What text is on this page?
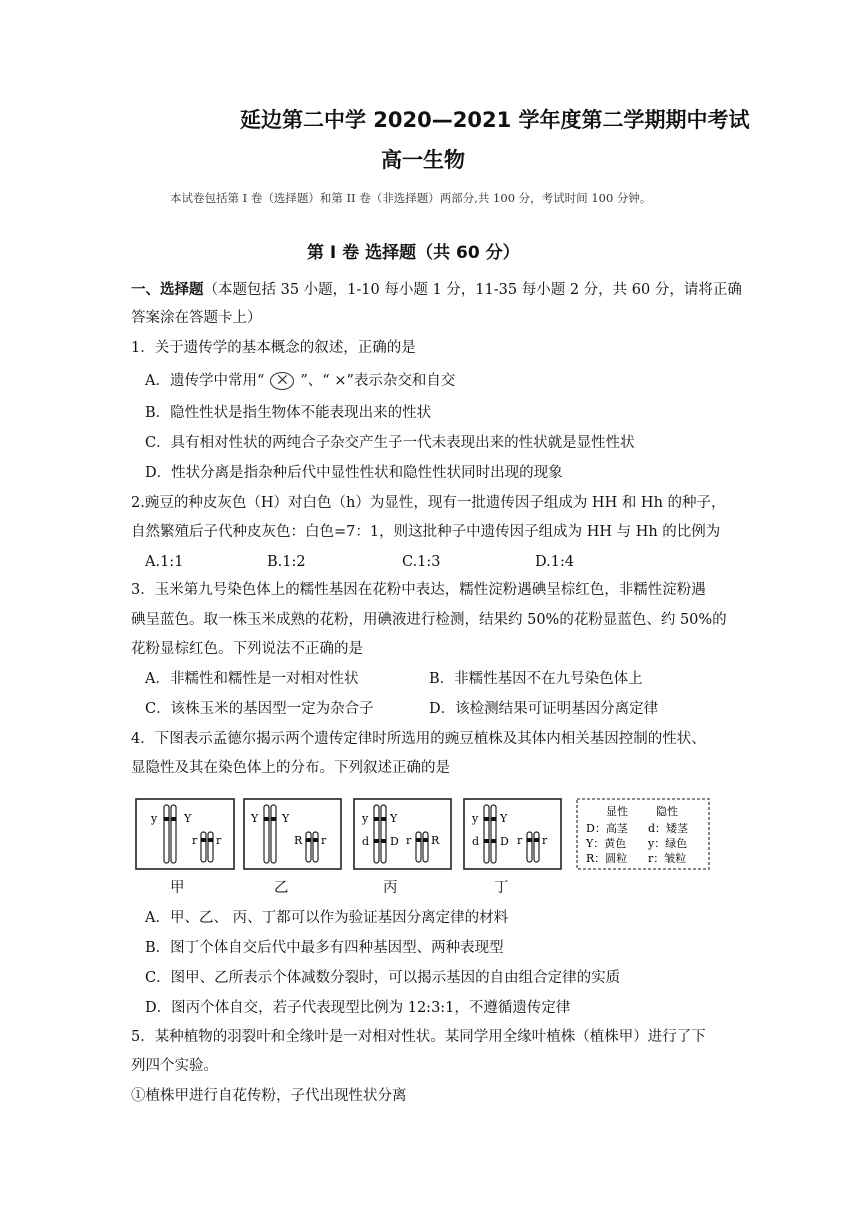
延边第二中学 2020—2021 学年度第二学期期中考试
高一生物
本试卷包括第 I 卷（选择题）和第 II 卷（非选择题）两部分,共 100 分，考试时间 100 分钟。
第 I 卷 选择题（共 60 分）
一、选择题（本题包括 35 小题，1-10 每小题 1 分，11-35 每小题 2 分，共 60 分，请将正确
答案涂在答题卡上）
1．关于遗传学的基本概念的叙述，正确的是
A．遗传学中常用“ ⨉ ”、“ ×”表示杂交和自交
B．隐性性状是指生物体不能表现出来的性状
C．具有相对性状的两纯合子杂交产生子一代未表现出来的性状就是显性性状
D．性状分离是指杂种后代中显性性状和隐性性状同时出现的现象
2.豌豆的种皮灰色（H）对白色（h）为显性，现有一批遗传因子组成为 HH 和 Hh 的种子，
自然繁殖后子代种皮灰色：白色=7：1，则这批种子中遗传因子组成为 HH 与 Hh 的比例为
A.1:1	B.1:2	C.1:3	D.1:4
3．玉米第九号染色体上的糯性基因在花粉中表达，糯性淀粉遇碘呈棕红色，非糯性淀粉遇
碘呈蓝色。取一株玉米成熟的花粉，用碘液进行检测，结果约 50%的花粉显蓝色、约 50%的
花粉显棕红色。下列说法不正确的是
A．非糯性和糯性是一对相对性状	B．非糯性基因不在九号染色体上
C．该株玉米的基因型一定为杂合子	D．该检测结果可证明基因分离定律
4．下图表示孟德尔揭示两个遗传定律时所选用的豌豆植株及其体内相关基因控制的性状、
显隐性及其在染色体上的分布。下列叙述正确的是
y Y
r r
Y Y
R r
y Y
d D r R
y Y
d D r r
显性	隐性
D：高茎 d：矮茎
Y：黄色 y：绿色
R：圆粒 r：皱粒
甲	乙	丙	丁
A．甲、乙、 丙、丁都可以作为验证基因分离定律的材料
B．图丁个体自交后代中最多有四种基因型、两种表现型
C．图甲、乙所表示个体减数分裂时，可以揭示基因的自由组合定律的实质
D．图丙个体自交，若子代表现型比例为 12:3:1，不遵循遗传定律
5．某种植物的羽裂叶和全缘叶是一对相对性状。某同学用全缘叶植株（植株甲）进行了下
列四个实验。
①植株甲进行自花传粉，子代出现性状分离
